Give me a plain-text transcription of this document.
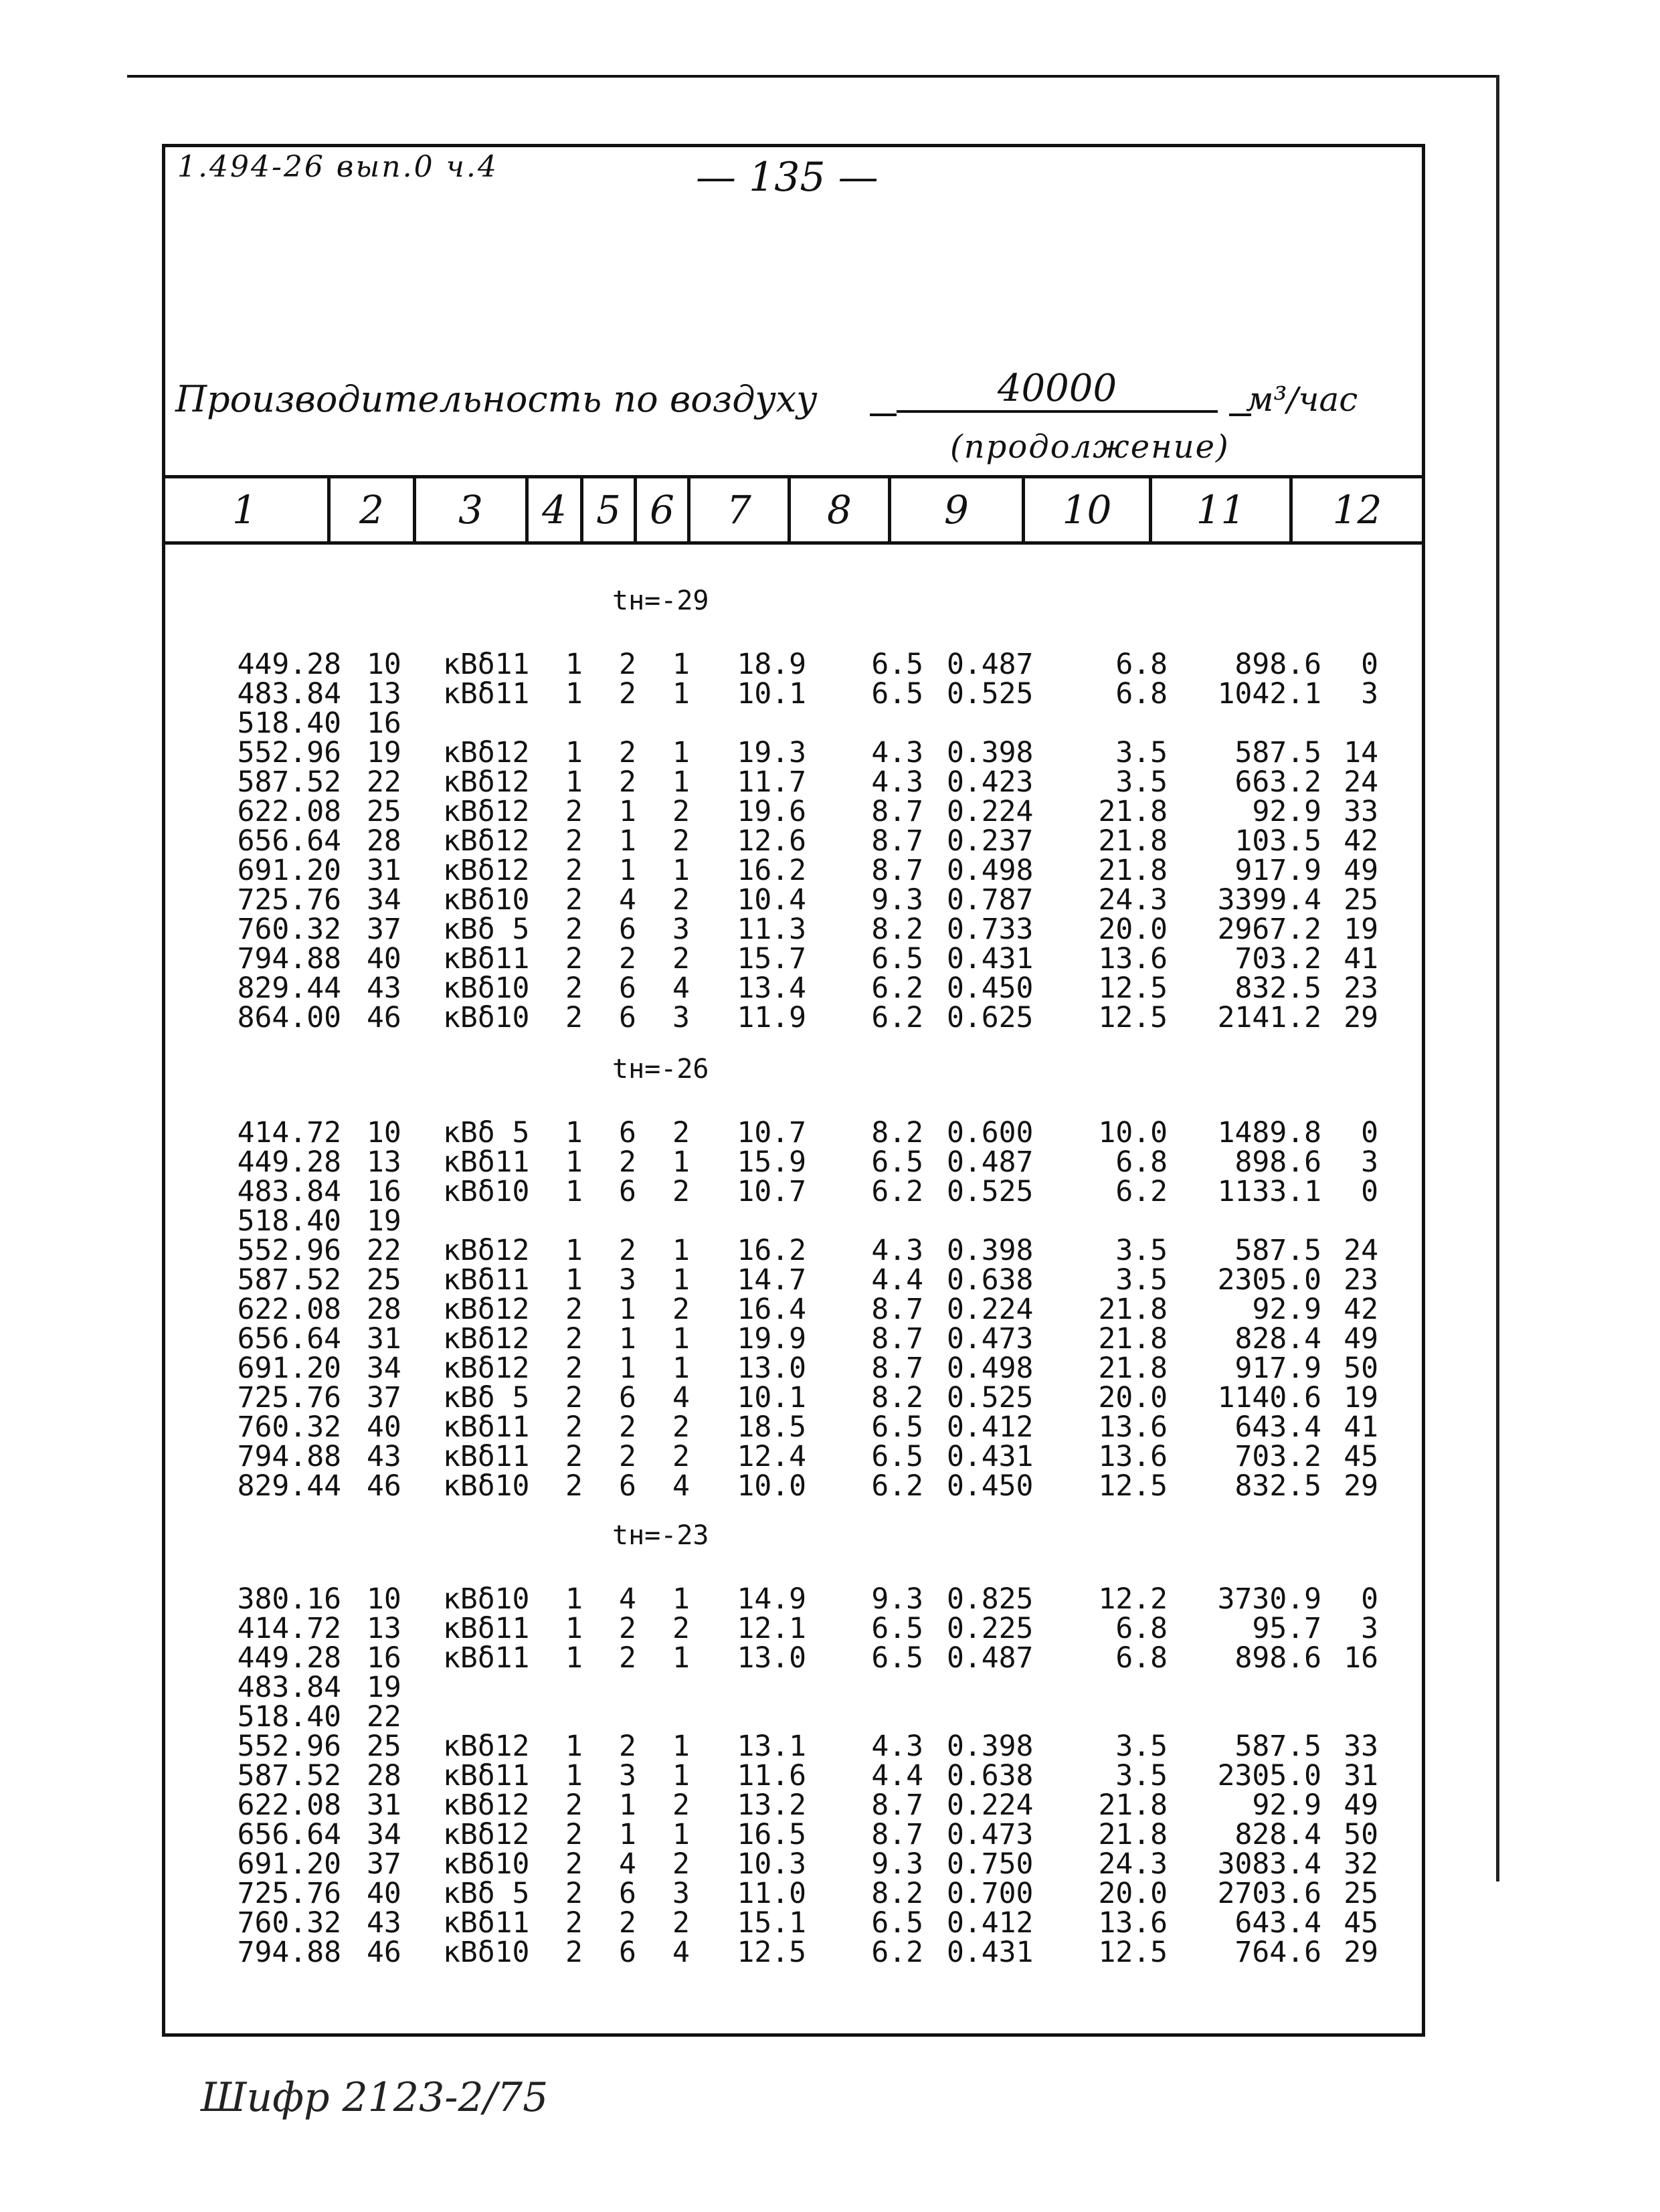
1.494-26 вып.0 ч.4	— 135 —
Производительность по воздуху	40000	м³/час
(продолжение)
1	2	3	4 5 6	7	8	9	10	11	12
tн=-29
449.28 10 кВδ11 1 2 1	18.9	6.5 0.487	6.8	898.6	0
483.84 13 кВδ11 1 2 1	10.1	6.5 0.525	6.8	1042.1	3
518.40 16
552.96 19 кВδ12 1 2 1	19.3	4.3 0.398	3.5	587.5 14
587.52 22 кВδ12 1 2 1	11.7	4.3 0.423	3.5	663.2 24
622.08 25 кВδ12 2 1 2	19.6	8.7 0.224	21.8	92.9 33
656.64 28 кВδ12 2 1 2	12.6	8.7 0.237	21.8	103.5 42
691.20 31 кВδ12 2 1 1	16.2	8.7 0.498	21.8	917.9 49
725.76 34 кВδ10 2 4 2	10.4	9.3 0.787	24.3	3399.4 25
760.32 37 кВδ 5 2 6 3	11.3	8.2 0.733	20.0	2967.2 19
794.88 40 кВδ11 2 2 2	15.7	6.5 0.431	13.6	703.2 41
829.44 43 кВδ10 2 6 4	13.4	6.2 0.450	12.5	832.5 23
864.00 46 кВδ10 2 6 3	11.9	6.2 0.625	12.5	2141.2 29
tн=-26
414.72 10 кВδ 5 1 6 2	10.7	8.2 0.600	10.0	1489.8	0
449.28 13 кВδ11 1 2 1	15.9	6.5 0.487	6.8	898.6	3
483.84 16 кВδ10 1 6 2	10.7	6.2 0.525	6.2	1133.1	0
518.40 19
552.96 22 кВδ12 1 2 1	16.2	4.3 0.398	3.5	587.5 24
587.52 25 кВδ11 1 3 1	14.7	4.4 0.638	3.5	2305.0 23
622.08 28 кВδ12 2 1 2	16.4	8.7 0.224	21.8	92.9 42
656.64 31 кВδ12 2 1 1	19.9	8.7 0.473	21.8	828.4 49
691.20 34 кВδ12 2 1 1	13.0	8.7 0.498	21.8	917.9 50
725.76 37 кВδ 5 2 6 4	10.1	8.2 0.525	20.0	1140.6 19
760.32 40 кВδ11 2 2 2	18.5	6.5 0.412	13.6	643.4 41
794.88 43 кВδ11 2 2 2	12.4	6.5 0.431	13.6	703.2 45
829.44 46 кВδ10 2 6 4	10.0	6.2 0.450	12.5	832.5 29
tн=-23
380.16 10 кВδ10 1 4 1	14.9	9.3 0.825	12.2	3730.9	0
414.72 13 кВδ11 1 2 2	12.1	6.5 0.225	6.8	95.7	3
449.28 16 кВδ11 1 2 1	13.0	6.5 0.487	6.8	898.6 16
483.84 19
518.40 22
552.96 25 кВδ12 1 2 1	13.1	4.3 0.398	3.5	587.5 33
587.52 28 кВδ11 1 3 1	11.6	4.4 0.638	3.5	2305.0 31
622.08 31 кВδ12 2 1 2	13.2	8.7 0.224	21.8	92.9 49
656.64 34 кВδ12 2 1 1	16.5	8.7 0.473	21.8	828.4 50
691.20 37 кВδ10 2 4 2	10.3	9.3 0.750	24.3	3083.4 32
725.76 40 кВδ 5 2 6 3	11.0	8.2 0.700	20.0	2703.6 25
760.32 43 кВδ11 2 2 2	15.1	6.5 0.412	13.6	643.4 45
794.88 46 кВδ10 2 6 4	12.5	6.2 0.431	12.5	764.6 29
Шифр 2123-2/75
